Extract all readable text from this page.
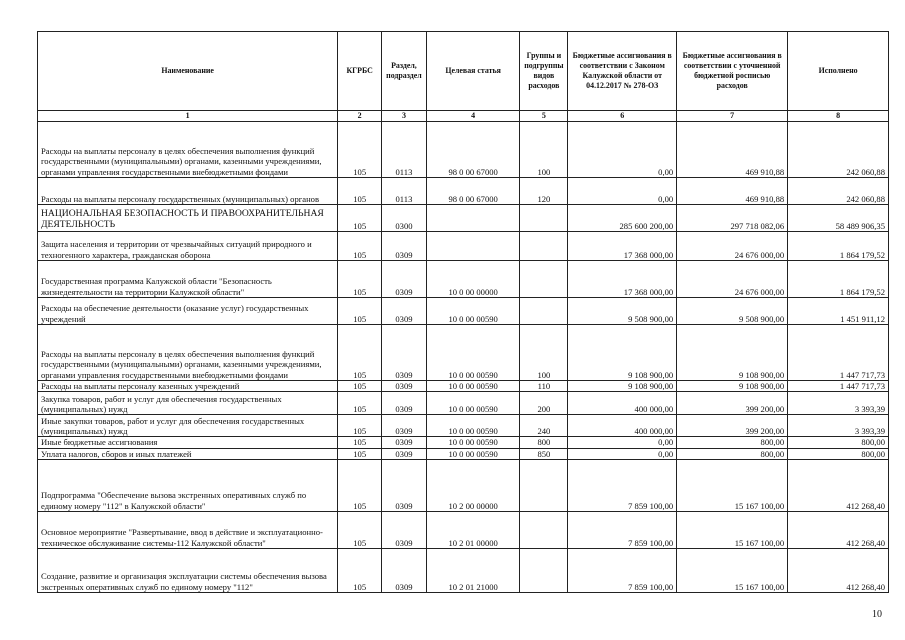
Наименование	КГРБС	Раздел, подраздел	Целевая статья	Группы и подгруппы видов расходов	Бюджетные ассигнования в соответствии с Законом Калужской области от 04.12.2017 № 278-ОЗ	Бюджетные ассигнования в соответствии с уточненной бюджетной росписью расходов	Исполнено
1	2	3	4	5	6	7	8
Расходы на выплаты персоналу в целях обеспечения выполнения функций государственными (муниципальными) органами, казенными учреждениями, органами управления государственными внебюджетными фондами	105	0113	98 0 00 67000	100	0,00	469 910,88	242 060,88
Расходы на выплаты персоналу государственных (муниципальных) органов	105	0113	98 0 00 67000	120	0,00	469 910,88	242 060,88
НАЦИОНАЛЬНАЯ БЕЗОПАСНОСТЬ И ПРАВООХРАНИТЕЛЬНАЯ ДЕЯТЕЛЬНОСТЬ	105	0300			285 600 200,00	297 718 082,06	58 489 906,35
Защита населения и территории от чрезвычайных ситуаций природного и техногенного характера, гражданская оборона	105	0309			17 368 000,00	24 676 000,00	1 864 179,52
Государственная программа Калужской области "Безопасность жизнедеятельности на территории Калужской области"	105	0309	10 0 00 00000		17 368 000,00	24 676 000,00	1 864 179,52
Расходы на обеспечение деятельности (оказание услуг) государственных учреждений	105	0309	10 0 00 00590		9 508 900,00	9 508 900,00	1 451 911,12
Расходы на выплаты персоналу в целях обеспечения выполнения функций государственными (муниципальными) органами, казенными учреждениями, органами управления государственными внебюджетными фондами	105	0309	10 0 00 00590	100	9 108 900,00	9 108 900,00	1 447 717,73
Расходы на выплаты персоналу казенных учреждений	105	0309	10 0 00 00590	110	9 108 900,00	9 108 900,00	1 447 717,73
Закупка товаров, работ и услуг для обеспечения государственных (муниципальных) нужд	105	0309	10 0 00 00590	200	400 000,00	399 200,00	3 393,39
Иные закупки товаров, работ и услуг для обеспечения государственных (муниципальных) нужд	105	0309	10 0 00 00590	240	400 000,00	399 200,00	3 393,39
Иные бюджетные ассигнования	105	0309	10 0 00 00590	800	0,00	800,00	800,00
Уплата налогов, сборов и иных платежей	105	0309	10 0 00 00590	850	0,00	800,00	800,00
Подпрограмма "Обеспечение вызова экстренных оперативных служб по единому номеру "112" в Калужской области"	105	0309	10 2 00 00000		7 859 100,00	15 167 100,00	412 268,40
Основное мероприятие "Развертывание, ввод в действие и эксплуатационно-техническое обслуживание системы-112 Калужской области"	105	0309	10 2 01 00000		7 859 100,00	15 167 100,00	412 268,40
Создание, развитие и организация эксплуатации системы обеспечения вызова экстренных оперативных служб по единому номеру "112"	105	0309	10 2 01 21000		7 859 100,00	15 167 100,00	412 268,40
10
